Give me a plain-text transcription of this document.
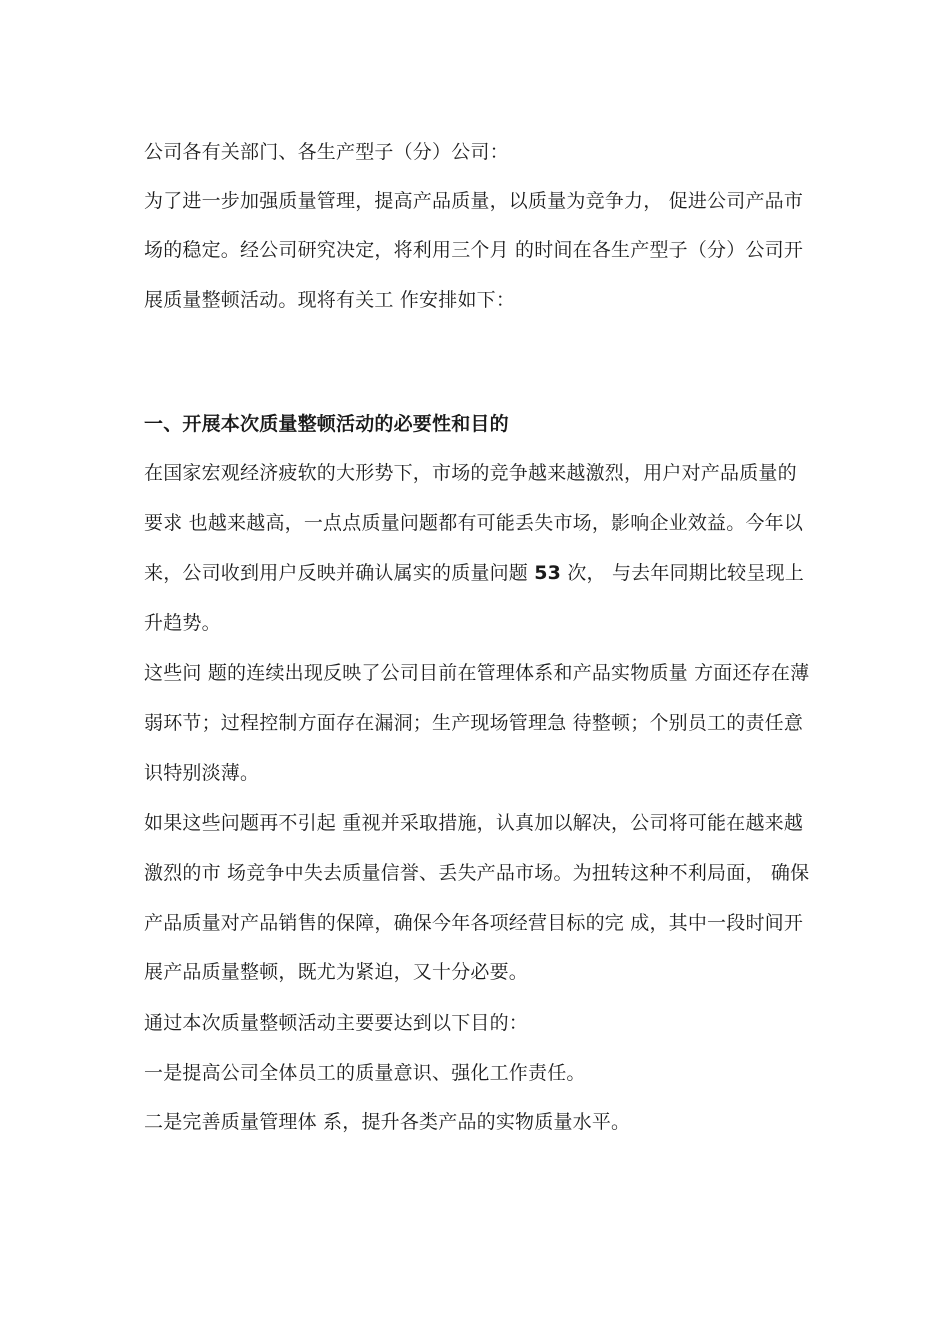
公司各有关部门、各生产型子（分）公司：
为了进一步加强质量管理，提高产品质量，以质量为竞争力， 促进公司产品市
场的稳定。经公司研究决定，将利用三个月 的时间在各生产型子（分）公司开
展质量整顿活动。现将有关工 作安排如下：
一、开展本次质量整顿活动的必要性和目的
在国家宏观经济疲软的大形势下，市场的竞争越来越激烈，用户对产品质量的
要求 也越来越高，一点点质量问题都有可能丢失市场，影响企业效益。今年以
来，公司收到用户反映并确认属实的质量问题 53 次， 与去年同期比较呈现上
升趋势。
这些问 题的连续出现反映了公司目前在管理体系和产品实物质量 方面还存在薄
弱环节；过程控制方面存在漏洞；生产现场管理急 待整顿；个别员工的责任意
识特别淡薄。
如果这些问题再不引起 重视并采取措施，认真加以解决，公司将可能在越来越
激烈的市 场竞争中失去质量信誉、丢失产品市场。为扭转这种不利局面， 确保
产品质量对产品销售的保障，确保今年各项经营目标的完 成，其中一段时间开
展产品质量整顿，既尤为紧迫，又十分必要。
通过本次质量整顿活动主要要达到以下目的：
一是提高公司全体员工的质量意识、强化工作责任。
二是完善质量管理体 系，提升各类产品的实物质量水平。
